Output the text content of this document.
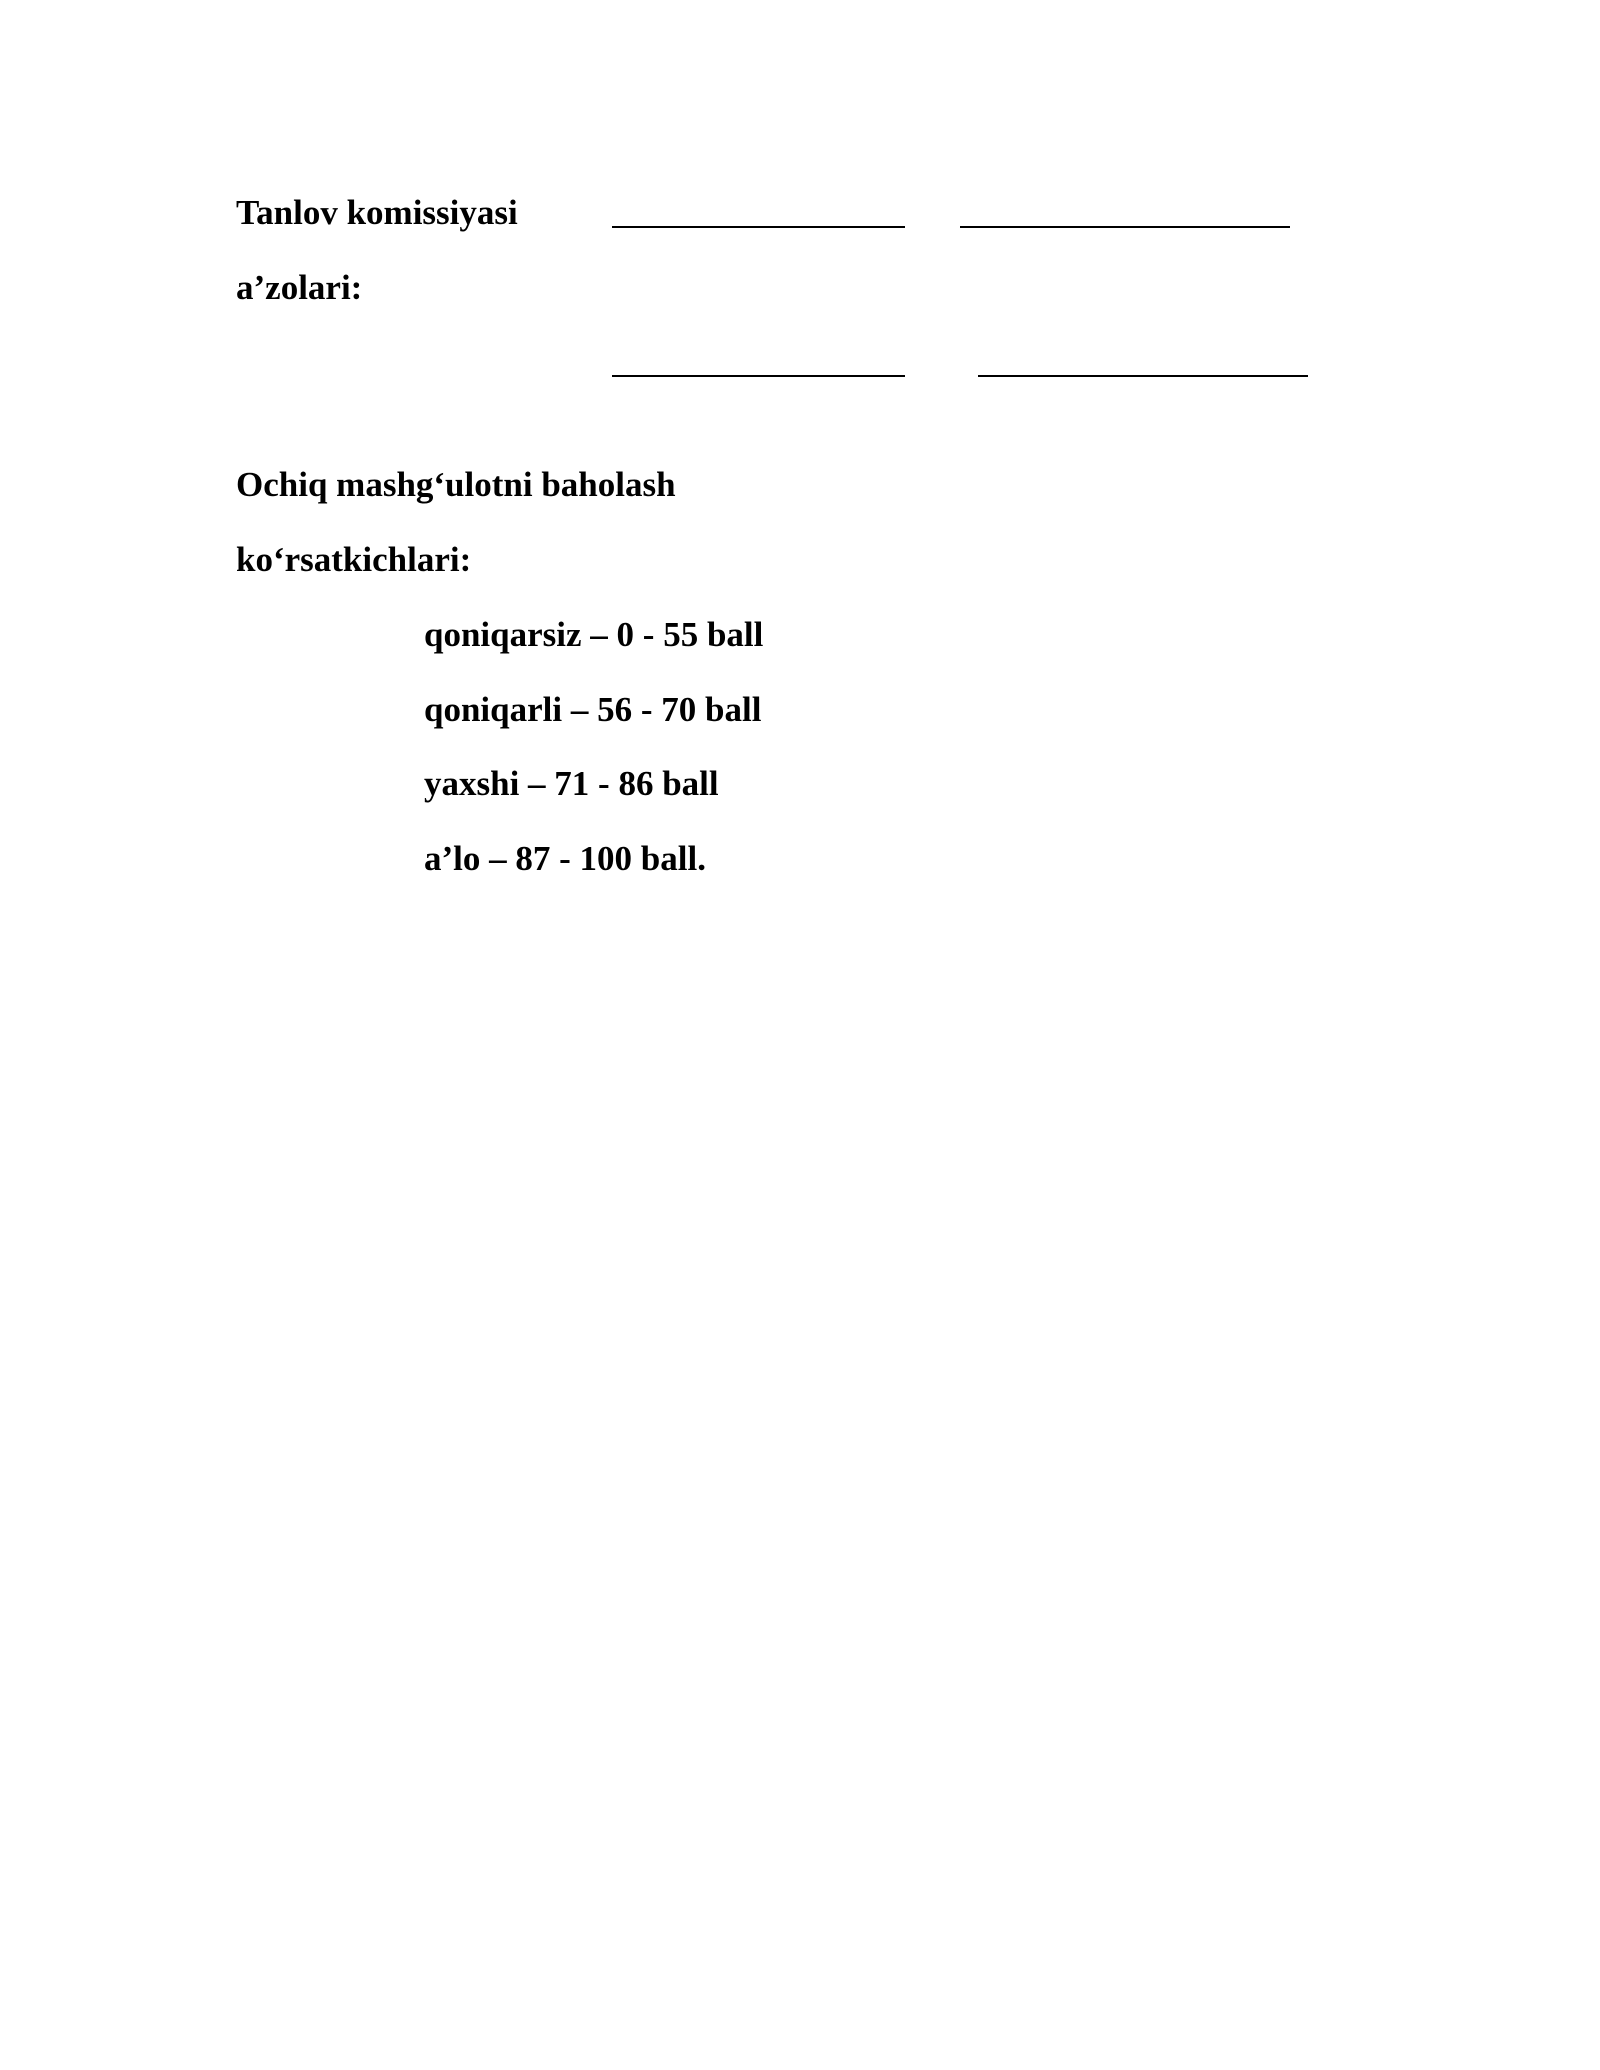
Tanlov komissiyasi
a’zolari:
Ochiq mashg‘ulotni baholash
ko‘rsatkichlari:
qoniqarsiz – 0 - 55 ball
qoniqarli – 56 - 70 ball
yaxshi – 71 - 86 ball
a’lo – 87 - 100 ball.
